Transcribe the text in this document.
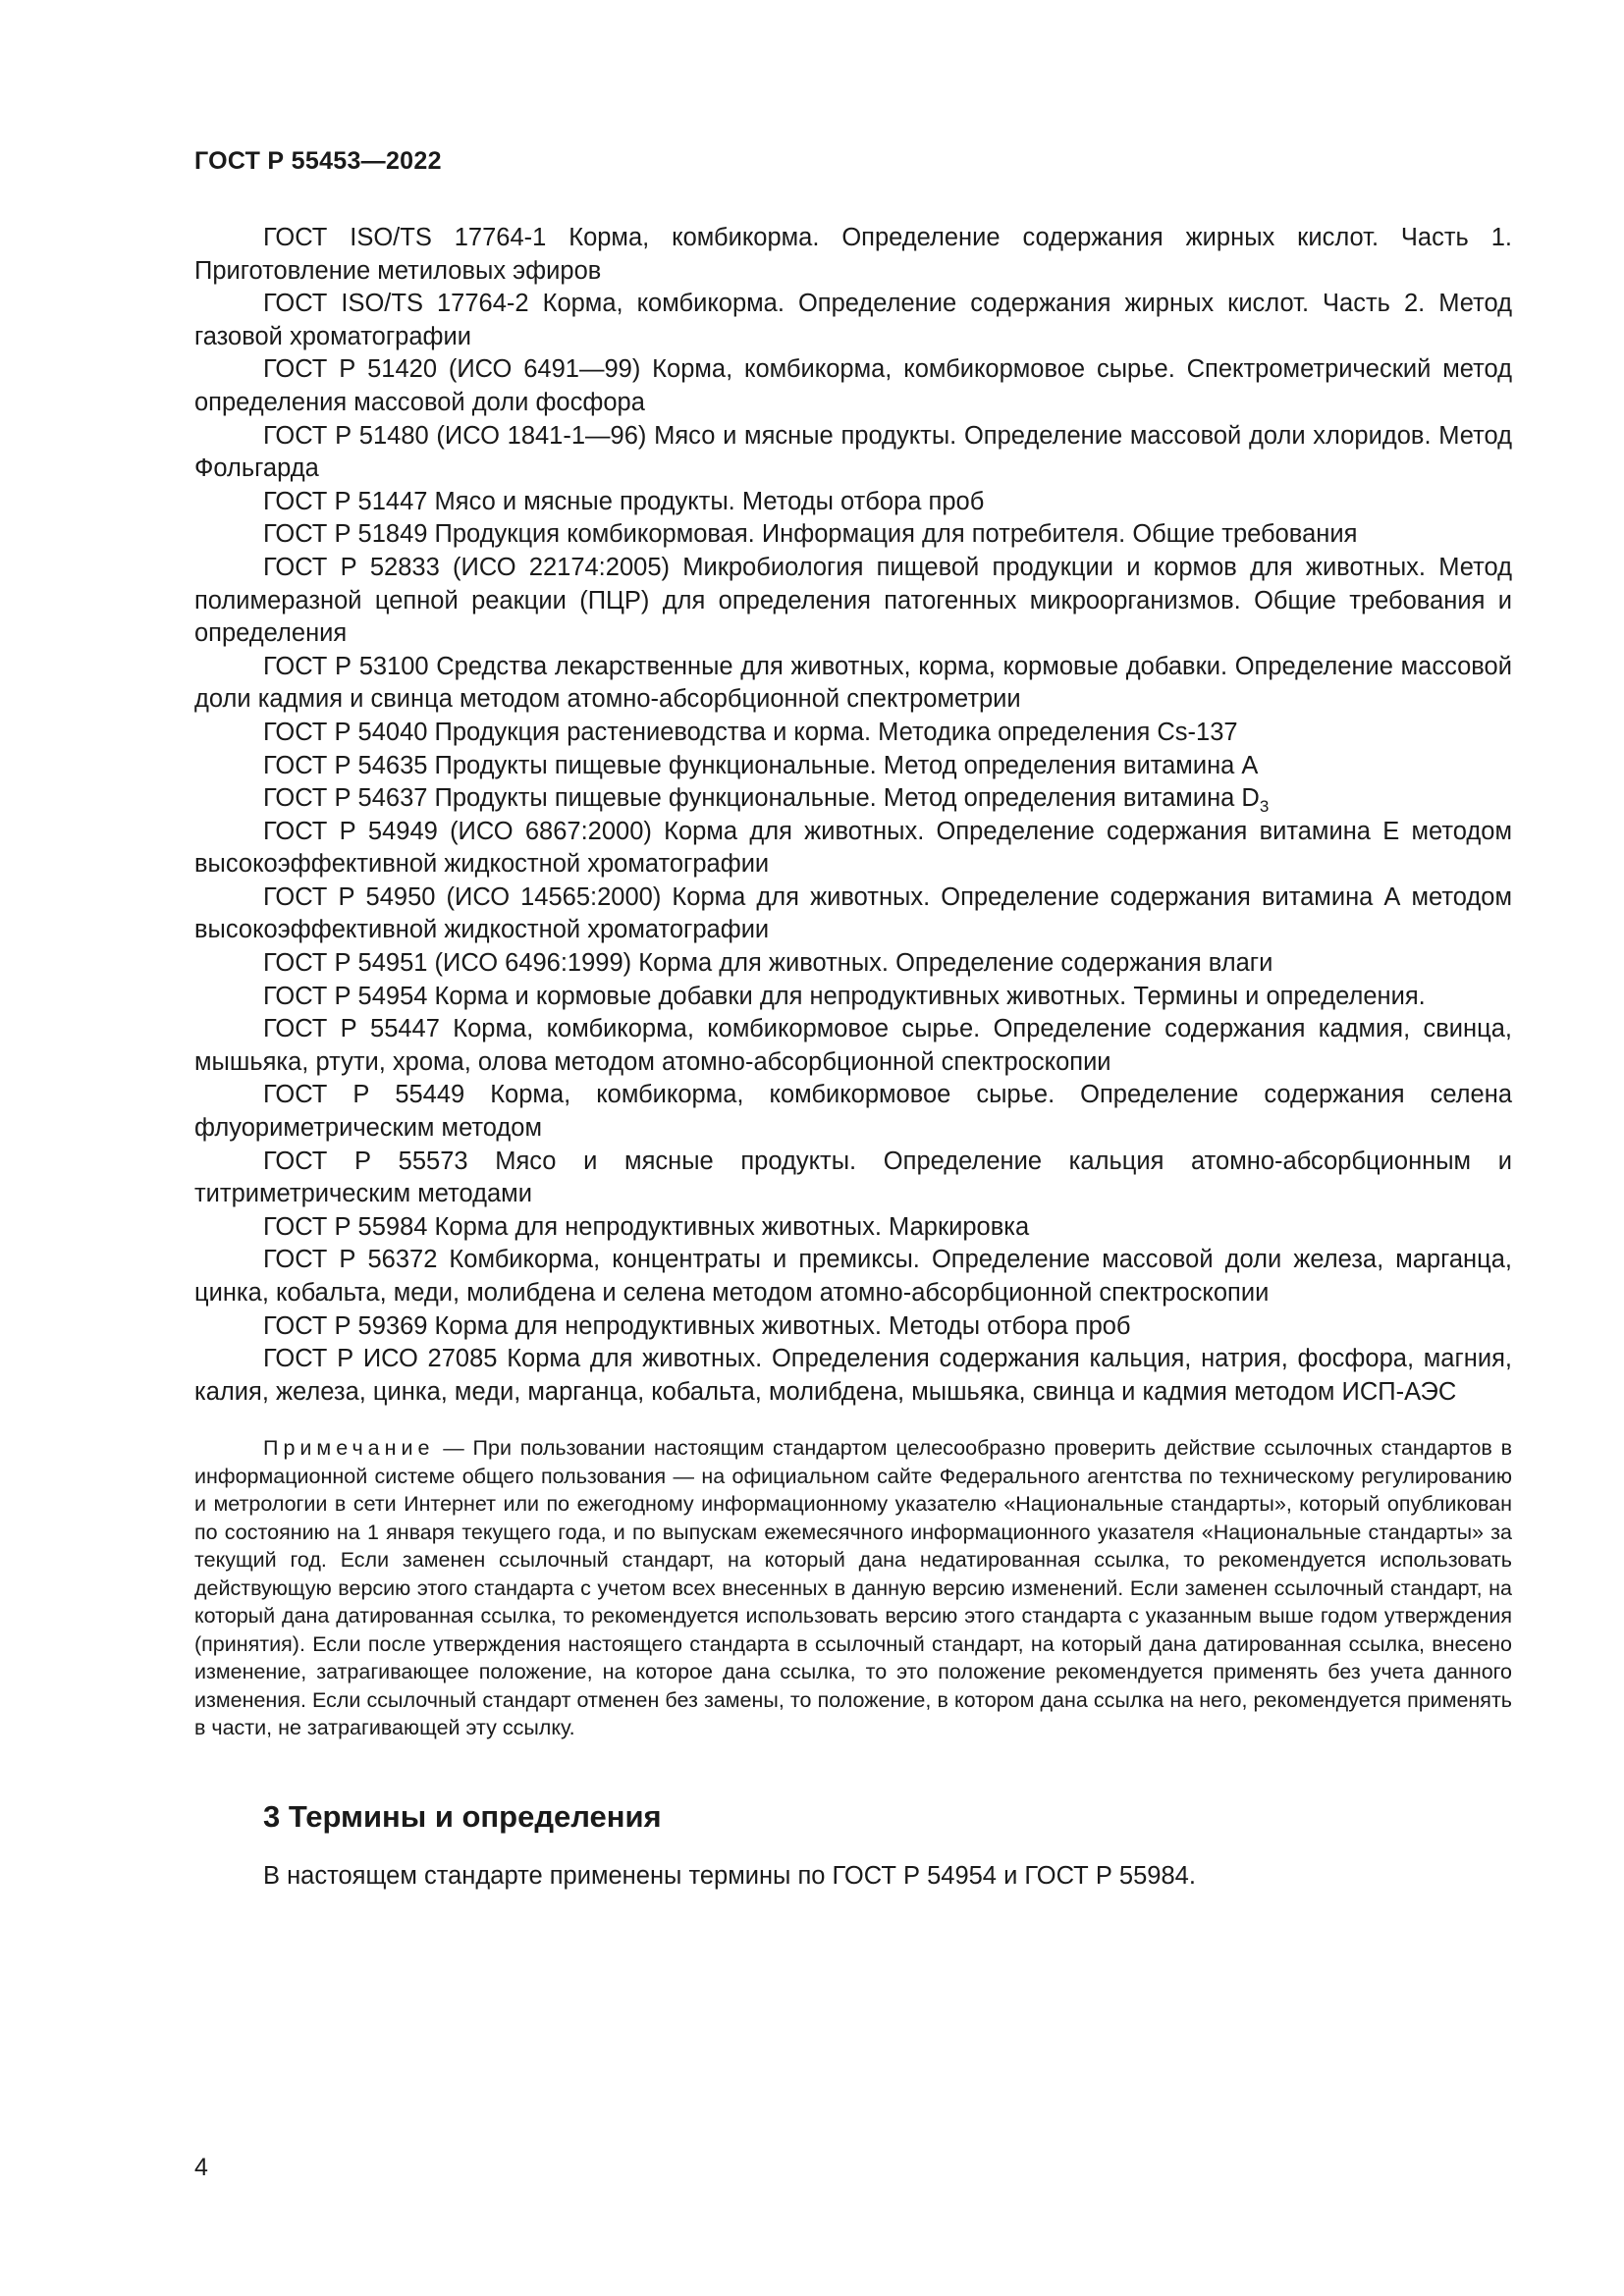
ГОСТ Р 55453—2022

ГОСТ ISO/TS 17764-1 Корма, комбикорма. Определение содержания жирных кислот. Часть 1. Приготовление метиловых эфиров

ГОСТ ISO/TS 17764-2 Корма, комбикорма. Определение содержания жирных кислот. Часть 2. Метод газовой хроматографии

ГОСТ Р 51420 (ИСО 6491—99) Корма, комбикорма, комбикормовое сырье. Спектрометрический метод определения массовой доли фосфора

ГОСТ Р 51480 (ИСО 1841-1—96) Мясо и мясные продукты. Определение массовой доли хлоридов. Метод Фольгарда

ГОСТ Р 51447 Мясо и мясные продукты. Методы отбора проб

ГОСТ Р 51849 Продукция комбикормовая. Информация для потребителя. Общие требования

ГОСТ Р 52833 (ИСО 22174:2005) Микробиология пищевой продукции и кормов для животных. Метод полимеразной цепной реакции (ПЦР) для определения патогенных микроорганизмов. Общие требования и определения

ГОСТ Р 53100 Средства лекарственные для животных, корма, кормовые добавки. Определение массовой доли кадмия и свинца методом атомно-абсорбционной спектрометрии

ГОСТ Р 54040 Продукция растениеводства и корма. Методика определения Cs-137

ГОСТ Р 54635 Продукты пищевые функциональные. Метод определения витамина А

ГОСТ Р 54637 Продукты пищевые функциональные. Метод определения витамина $D_3$

ГОСТ Р 54949 (ИСО 6867:2000) Корма для животных. Определение содержания витамина Е методом высокоэффективной жидкостной хроматографии

ГОСТ Р 54950 (ИСО 14565:2000) Корма для животных. Определение содержания витамина А методом высокоэффективной жидкостной хроматографии

ГОСТ Р 54951 (ИСО 6496:1999) Корма для животных. Определение содержания влаги

ГОСТ Р 54954 Корма и кормовые добавки для непродуктивных животных. Термины и определения.

ГОСТ Р 55447 Корма, комбикорма, комбикормовое сырье. Определение содержания кадмия, свинца, мышьяка, ртути, хрома, олова методом атомно-абсорбционной спектроскопии

ГОСТ Р 55449 Корма, комбикорма, комбикормовое сырье. Определение содержания селена флуориметрическим методом

ГОСТ Р 55573 Мясо и мясные продукты. Определение кальция атомно-абсорбционным и титриметрическим методами

ГОСТ Р 55984 Корма для непродуктивных животных. Маркировка

ГОСТ Р 56372 Комбикорма, концентраты и премиксы. Определение массовой доли железа, марганца, цинка, кобальта, меди, молибдена и селена методом атомно-абсорбционной спектроскопии

ГОСТ Р 59369 Корма для непродуктивных животных. Методы отбора проб

ГОСТ Р ИСО 27085 Корма для животных. Определения содержания кальция, натрия, фосфора, магния, калия, железа, цинка, меди, марганца, кобальта, молибдена, мышьяка, свинца и кадмия методом ИСП-АЭС

Примечание — При пользовании настоящим стандартом целесообразно проверить действие ссылочных стандартов в информационной системе общего пользования — на официальном сайте Федерального агентства по техническому регулированию и метрологии в сети Интернет или по ежегодному информационному указателю «Национальные стандарты», который опубликован по состоянию на 1 января текущего года, и по выпускам ежемесячного информационного указателя «Национальные стандарты» за текущий год. Если заменен ссылочный стандарт, на который дана недатированная ссылка, то рекомендуется использовать действующую версию этого стандарта с учетом всех внесенных в данную версию изменений. Если заменен ссылочный стандарт, на который дана датированная ссылка, то рекомендуется использовать версию этого стандарта с указанным выше годом утверждения (принятия). Если после утверждения настоящего стандарта в ссылочный стандарт, на который дана датированная ссылка, внесено изменение, затрагивающее положение, на которое дана ссылка, то это положение рекомендуется применять без учета данного изменения. Если ссылочный стандарт отменен без замены, то положение, в котором дана ссылка на него, рекомендуется применять в части, не затрагивающей эту ссылку.

3 Термины и определения

В настоящем стандарте применены термины по ГОСТ Р 54954 и ГОСТ Р 55984.

4
